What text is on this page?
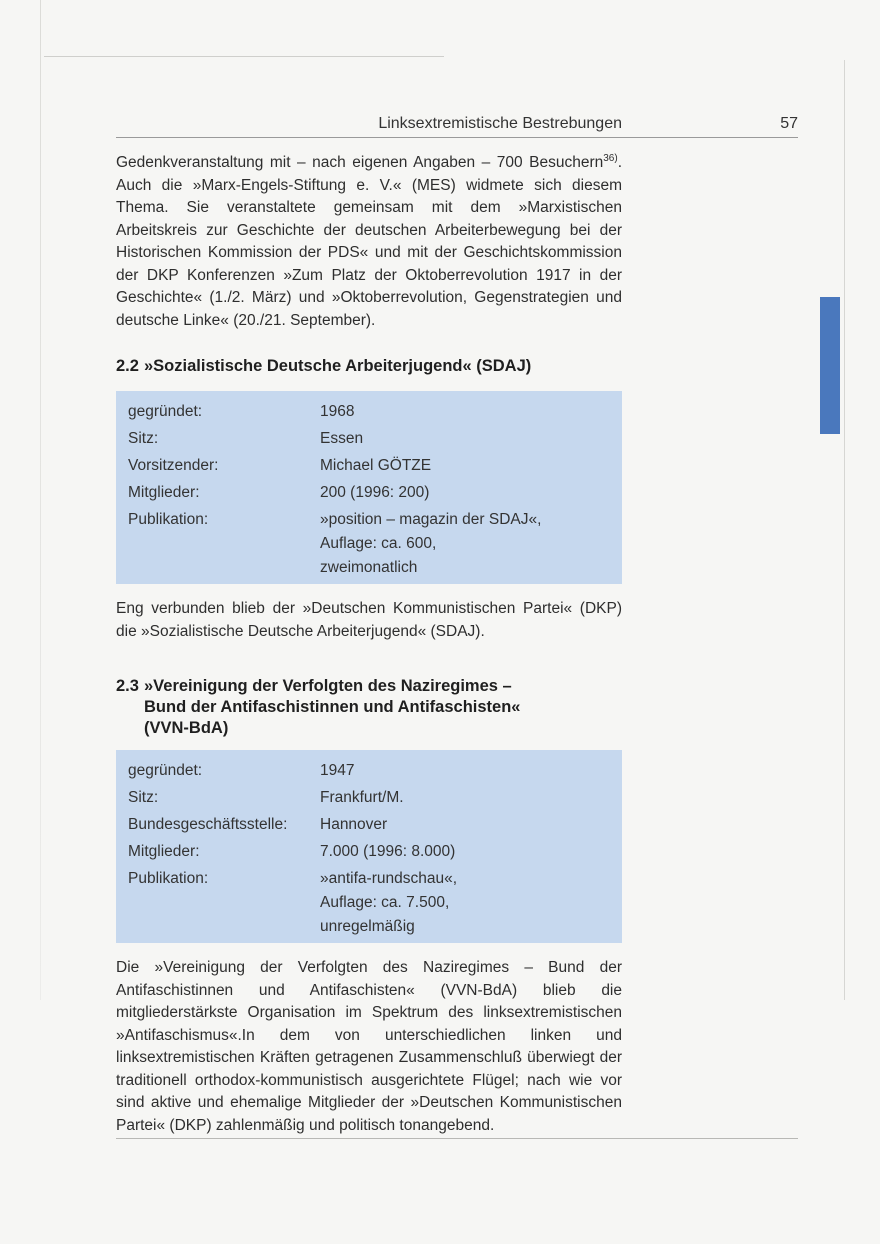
Linksextremistische Bestrebungen	57

Gedenkveranstaltung mit – nach eigenen Angaben – 700 Besuchern$^{36)}$. Auch die »Marx-Engels-Stiftung e. V.« (MES) widmete sich diesem Thema. Sie veranstaltete gemeinsam mit dem »Marxistischen Arbeitskreis zur Geschichte der deutschen Arbeiterbewegung bei der Historischen Kommission der PDS« und mit der Geschichtskommission der DKP Konferenzen »Zum Platz der Oktoberrevolution 1917 in der Geschichte« (1./2. März) und »Oktoberrevolution, Gegenstrategien und deutsche Linke« (20./21. September).

2.2 »Sozialistische Deutsche Arbeiterjugend« (SDAJ)
gegründet:	1968
Sitz:	Essen
Vorsitzender:	Michael GÖTZE
Mitglieder:	200 (1996: 200)
Publikation:	»position – magazin der SDAJ«,
Auflage: ca. 600,
zweimonatlich

Eng verbunden blieb der »Deutschen Kommunistischen Partei« (DKP) die »Sozialistische Deutsche Arbeiterjugend« (SDAJ).

2.3 »Vereinigung der Verfolgten des Naziregimes –
Bund der Antifaschistinnen und Antifaschisten«
(VVN-BdA)
gegründet:	1947
Sitz:	Frankfurt/M.
Bundesgeschäftsstelle: Hannover
Mitglieder:	7.000 (1996: 8.000)
Publikation:	»antifa-rundschau«,
Auflage: ca. 7.500,
unregelmäßig

Die »Vereinigung der Verfolgten des Naziregimes – Bund der Antifaschistinnen und Antifaschisten« (VVN-BdA) blieb die mitgliederstärkste Organisation im Spektrum des linksextremistischen »Antifaschismus«.In dem von unterschiedlichen linken und linksextremistischen Kräften getragenen Zusammenschluß überwiegt der traditionell orthodox-kommunistisch ausgerichtete Flügel; nach wie vor sind aktive und ehemalige Mitglieder der »Deutschen Kommunistischen Partei« (DKP) zahlenmäßig und politisch tonangebend.
